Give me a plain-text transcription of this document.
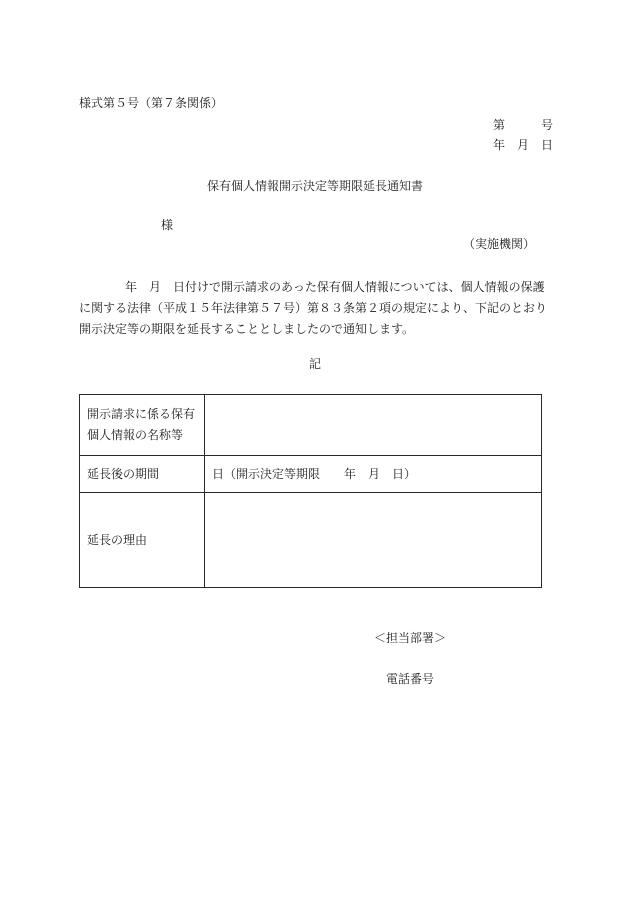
様式第５号（第７条関係）
第	号
年　月　日
保有個人情報開示決定等期限延長通知書
様
（実施機関）
年　月　日付けで開示請求のあった保有個人情報については、個人情報の保護に関する法律（平成１５年法律第５７号）第８３条第２項の規定により、下記のとおり開示決定等の期限を延長することとしましたので通知します。
記
開示請求に係る保有個人情報の名称等	

延長後の期間	日（開示決定等期限　　年　月　日）
延長の理由	
＜担当部署＞
電話番号
